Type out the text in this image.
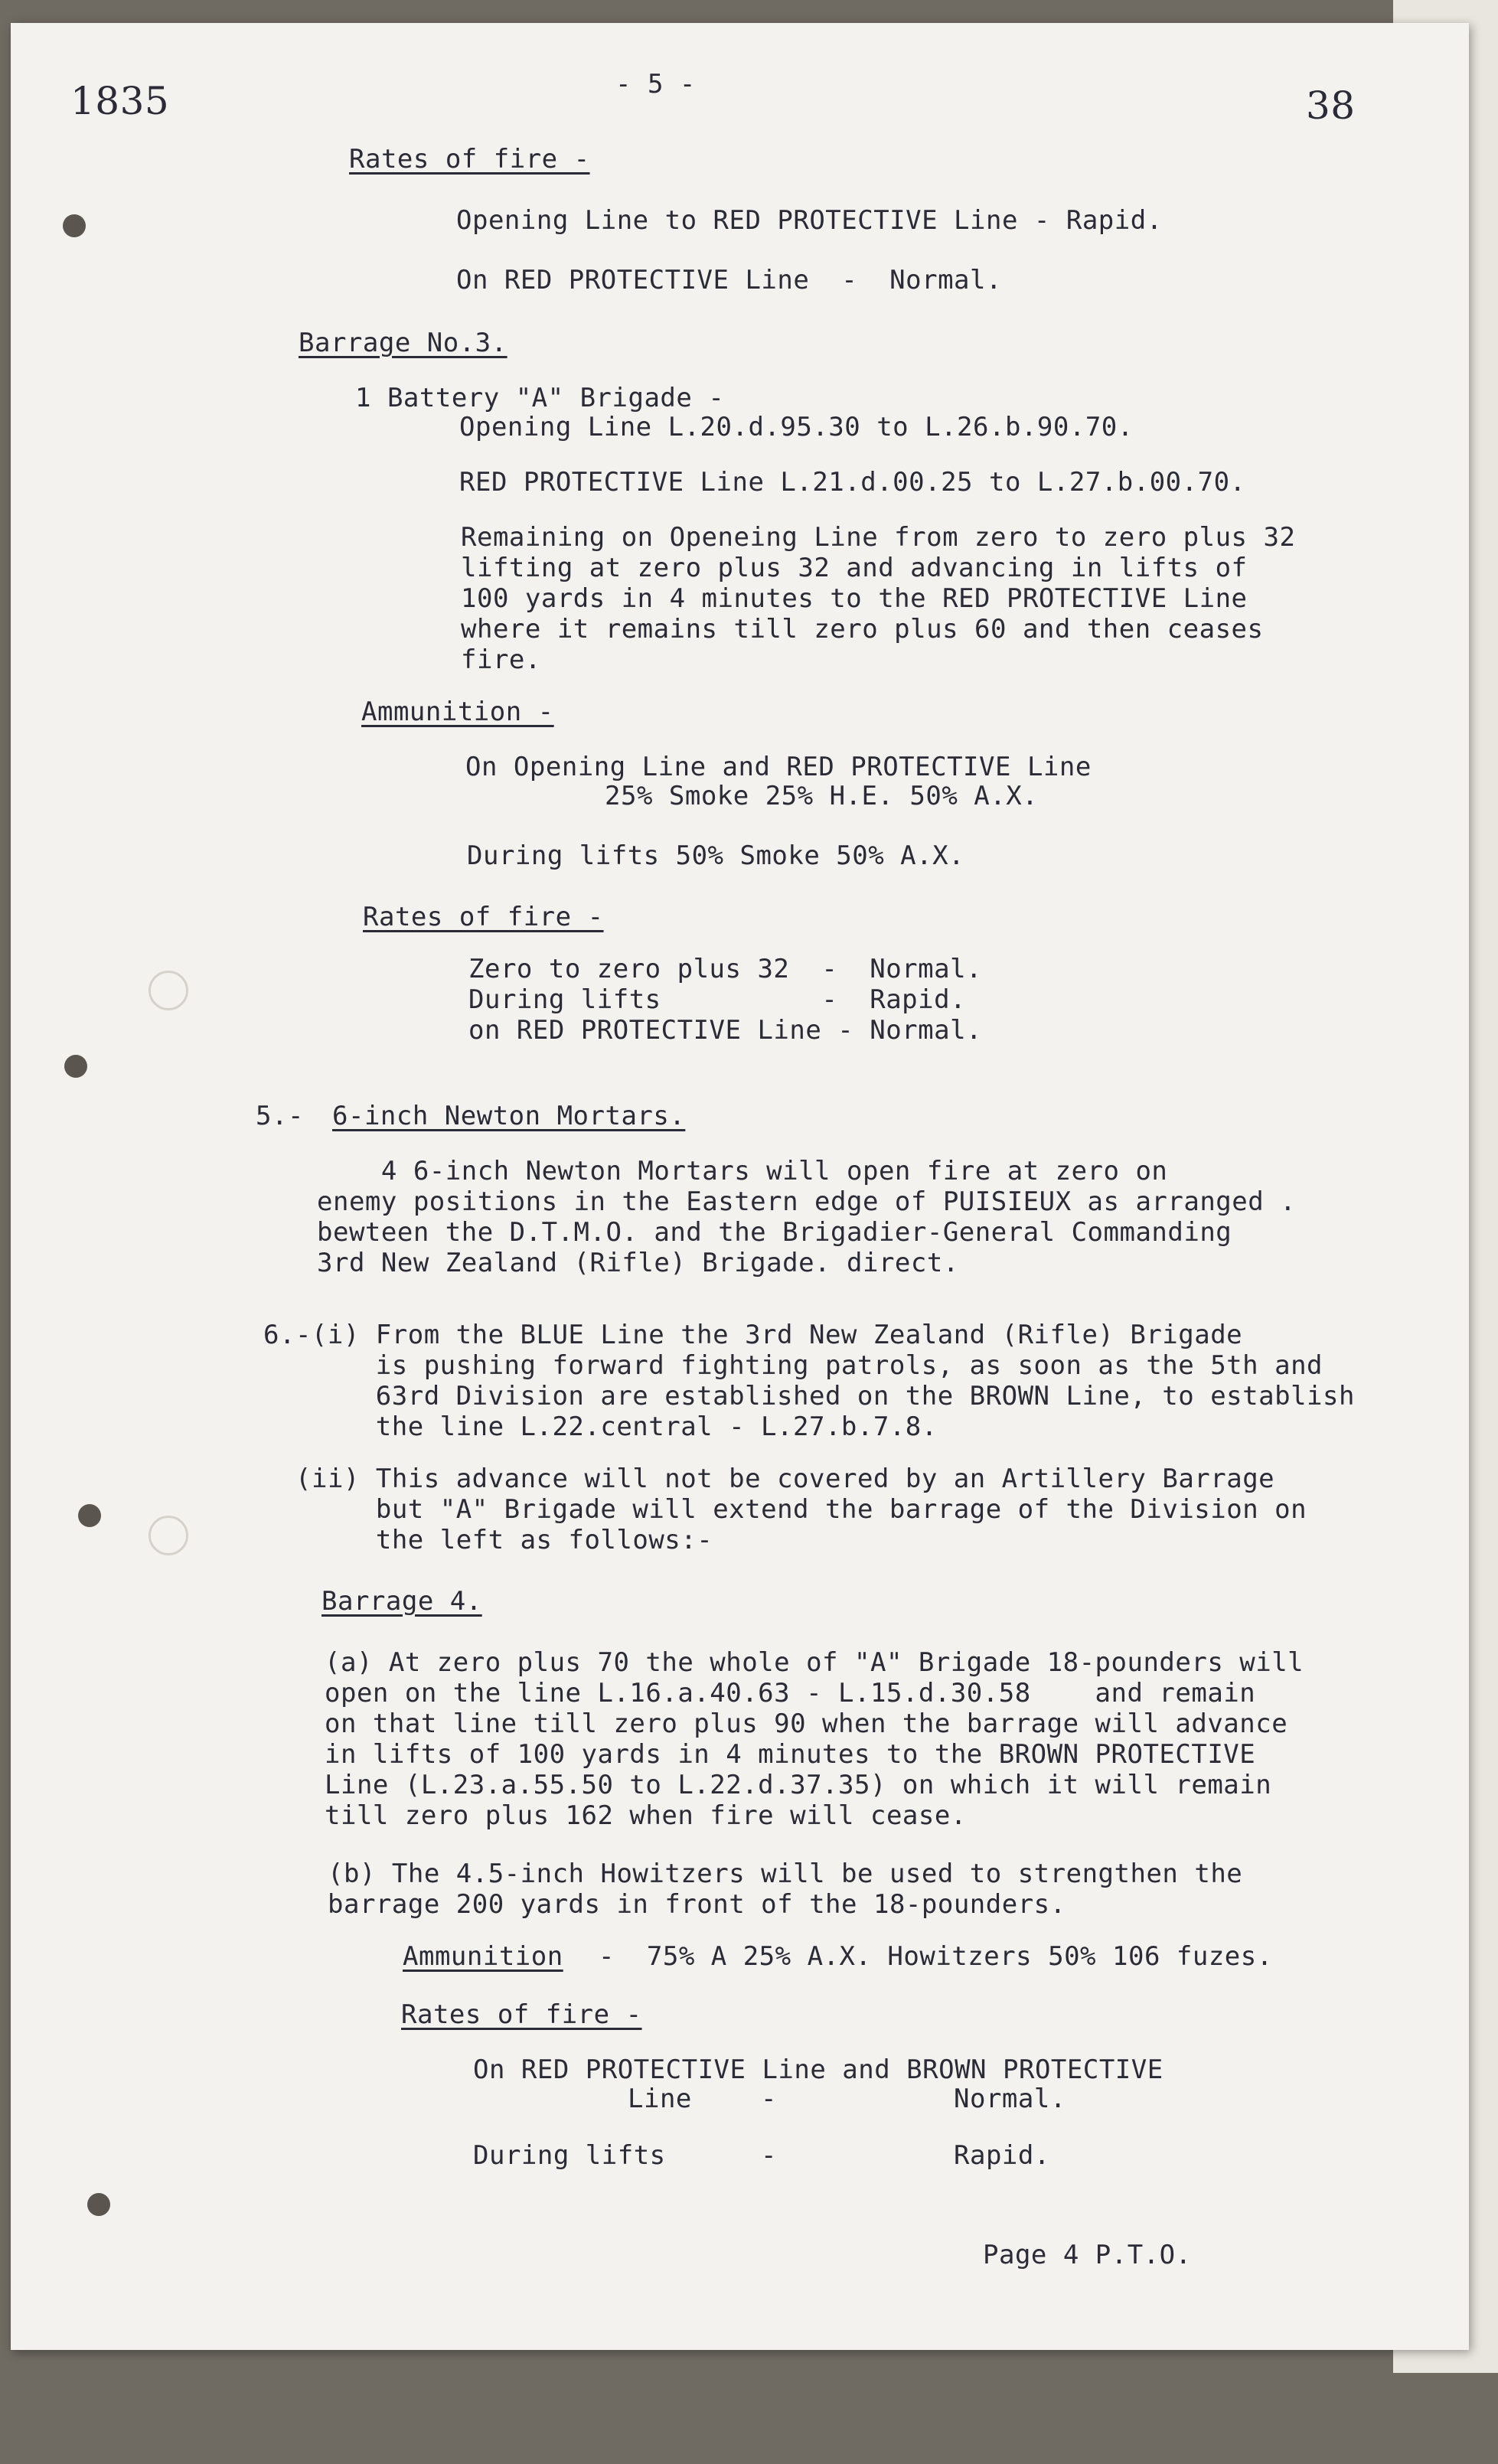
1835	- 5 -	38
Rates of fire -
Opening Line to RED PROTECTIVE Line - Rapid.
On RED PROTECTIVE Line  -  Normal.
Barrage No.3.
1 Battery "A" Brigade -
Opening Line L.20.d.95.30 to L.26.b.90.70.
RED PROTECTIVE Line L.21.d.00.25 to L.27.b.00.70.
Remaining on Openeing Line from zero to zero plus 32
lifting at zero plus 32 and advancing in lifts of
100 yards in 4 minutes to the RED PROTECTIVE Line
where it remains till zero plus 60 and then ceases
fire.
Ammunition -
On Opening Line and RED PROTECTIVE Line
25% Smoke 25% H.E. 50% A.X.
During lifts 50% Smoke 50% A.X.
Rates of fire -
Zero to zero plus 32  -  Normal.
During lifts          -  Rapid.
on RED PROTECTIVE Line - Normal.
5.- 6-inch Newton Mortars.
4 6-inch Newton Mortars will open fire at zero on
enemy positions in the Eastern edge of PUISIEUX as arranged .
bewteen the D.T.M.O. and the Brigadier-General Commanding
3rd New Zealand (Rifle) Brigade. direct.
6.-(i) From the BLUE Line the 3rd New Zealand (Rifle) Brigade
is pushing forward fighting patrols, as soon as the 5th and
63rd Division are established on the BROWN Line, to establish
the line L.22.central - L.27.b.7.8.
(ii) This advance will not be covered by an Artillery Barrage
but "A" Brigade will extend the barrage of the Division on
the left as follows:-
Barrage 4.
(a) At zero plus 70 the whole of "A" Brigade 18-pounders will
open on the line L.16.a.40.63 - L.15.d.30.58    and remain
on that line till zero plus 90 when the barrage will advance
in lifts of 100 yards in 4 minutes to the BROWN PROTECTIVE
Line (L.23.a.55.50 to L.22.d.37.35) on which it will remain
till zero plus 162 when fire will cease.
(b) The 4.5-inch Howitzers will be used to strengthen the
barrage 200 yards in front of the 18-pounders.
Ammunition -  75% A 25% A.X. Howitzers 50% 106 fuzes.
Rates of fire -
On RED PROTECTIVE Line and BROWN PROTECTIVE
Line	-	Normal.
During lifts	-	Rapid.
Page 4 P.T.O.
